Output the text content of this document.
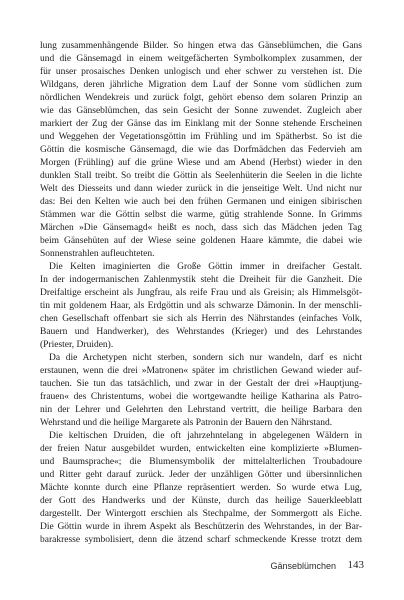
lung zusammenhängende Bilder. So hingen etwa das Gänseblümchen, die Gans
und die Gänsemagd in einem weitgefächerten Symbolkomplex zusammen, der
für unser prosaisches Denken unlogisch und eher schwer zu verstehen ist. Die
Wildgans, deren jährliche Migration dem Lauf der Sonne vom südlichen zum
nördlichen Wendekreis und zurück folgt, gehört ebenso dem solaren Prinzip an
wie das Gänseblümchen, das sein Gesicht der Sonne zuwendet. Zugleich aber
markiert der Zug der Gänse das im Einklang mit der Sonne stehende Erscheinen
und Weggehen der Vegetationsgöttin im Frühling und im Spätherbst. So ist die
Göttin die kosmische Gänsemagd, die wie das Dorfmädchen das Federvieh am
Morgen (Frühling) auf die grüne Wiese und am Abend (Herbst) wieder in den
dunklen Stall treibt. So treibt die Göttin als Seelenhüterin die Seelen in die lichte
Welt des Diesseits und dann wieder zurück in die jenseitige Welt. Und nicht nur
das: Bei den Kelten wie auch bei den frühen Germanen und einigen sibirischen
Stämmen war die Göttin selbst die warme, gütig strahlende Sonne. In Grimms
Märchen »Die Gänsemagd« heißt es noch, dass sich das Mädchen jeden Tag
beim Gänsehüten auf der Wiese seine goldenen Haare kämmte, die dabei wie
Sonnenstrahlen aufleuchteten.
Die Kelten imaginierten die Große Göttin immer in dreifacher Gestalt.
In der indogermanischen Zahlenmystik steht die Dreiheit für die Ganzheit. Die
Dreifaltige erscheint als Jungfrau, als reife Frau und als Greisin; als Himmelsgöt-
tin mit goldenem Haar, als Erdgöttin und als schwarze Dämonin. In der menschli-
chen Gesellschaft offenbart sie sich als Herrin des Nährstandes (einfaches Volk,
Bauern und Handwerker), des Wehrstandes (Krieger) und des Lehrstandes
(Priester, Druiden).
Da die Archetypen nicht sterben, sondern sich nur wandeln, darf es nicht
erstaunen, wenn die drei »Matronen« später im christlichen Gewand wieder auf-
tauchen. Sie tun das tatsächlich, und zwar in der Gestalt der drei »Hauptjung-
frauen« des Christentums, wobei die wortgewandte heilige Katharina als Patro-
nin der Lehrer und Gelehrten den Lehrstand vertritt, die heilige Barbara den
Wehrstand und die heilige Margarete als Patronin der Bauern den Nährstand.
Die keltischen Druiden, die oft jahrzehntelang in abgelegenen Wäldern in
der freien Natur ausgebildet wurden, entwickelten eine komplizierte »Blumen-
und Baumsprache«; die Blumensymbolik der mittelalterlichen Troubadoure
und Ritter geht darauf zurück. Jeder der unzähligen Götter und übersinnlichen
Mächte konnte durch eine Pflanze repräsentiert werden. So wurde etwa Lug,
der Gott des Handwerks und der Künste, durch das heilige Sauerkleeblatt
dargestellt. Der Wintergott erschien als Stechpalme, der Sommergott als Eiche.
Die Göttin wurde in ihrem Aspekt als Beschützerin des Wehrstandes, in der Bar-
barakresse symbolisiert, denn die ätzend scharf schmeckende Kresse trotzt dem
Gänseblümchen	143
